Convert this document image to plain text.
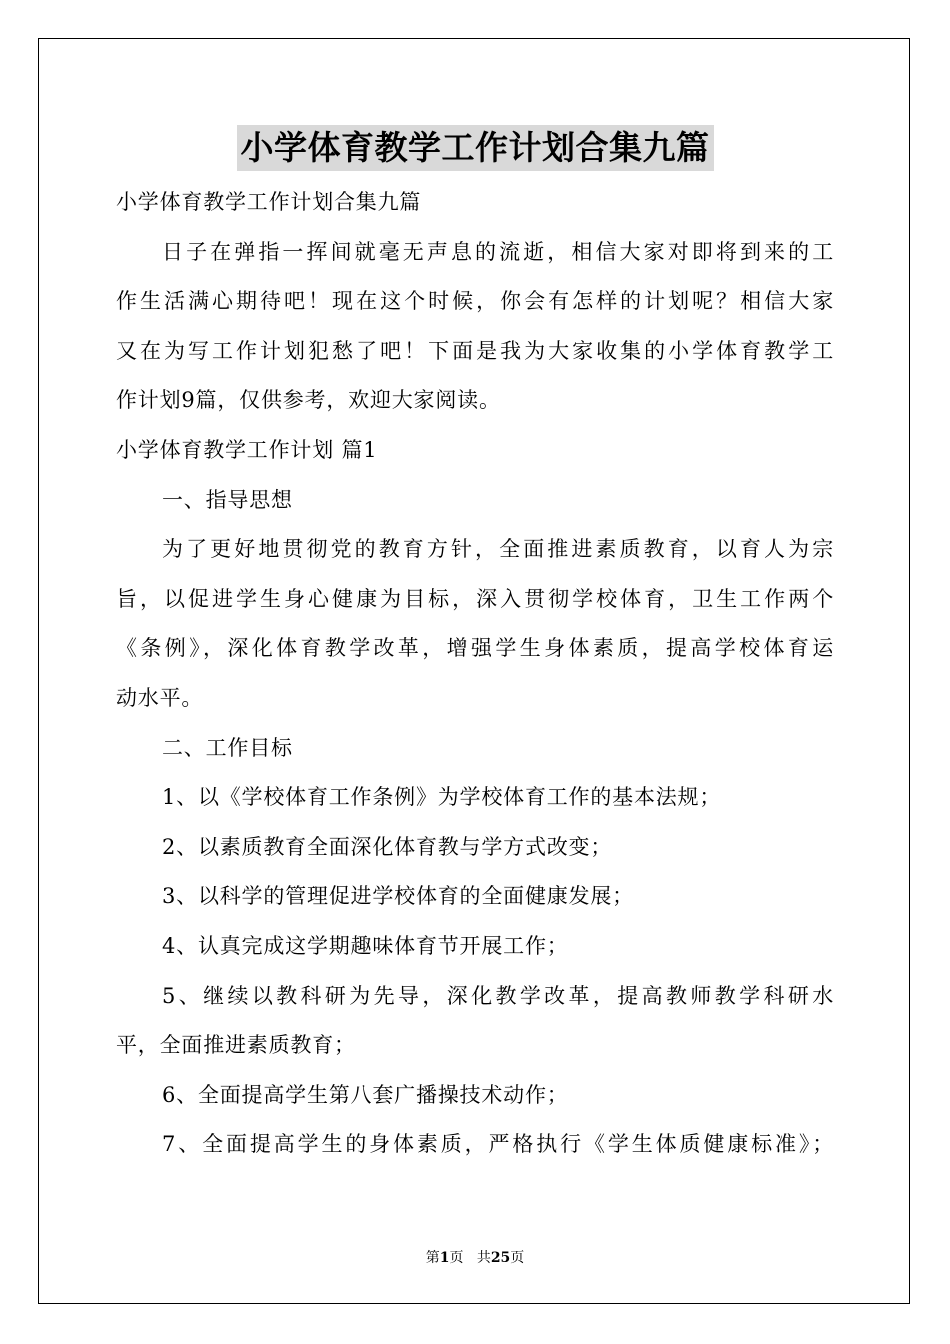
小学体育教学工作计划合集九篇
小学体育教学工作计划合集九篇
日子在弹指一挥间就毫无声息的流逝，相信大家对即将到来的工
作生活满心期待吧！现在这个时候，你会有怎样的计划呢？相信大家
又在为写工作计划犯愁了吧！下面是我为大家收集的小学体育教学工
作计划9篇，仅供参考，欢迎大家阅读。
小学体育教学工作计划 篇1
一、指导思想
为了更好地贯彻党的教育方针，全面推进素质教育，以育人为宗
旨，以促进学生身心健康为目标，深入贯彻学校体育，卫生工作两个
《条例》，深化体育教学改革，增强学生身体素质，提高学校体育运
动水平。
二、工作目标
1、以《学校体育工作条例》为学校体育工作的基本法规；
2、以素质教育全面深化体育教与学方式改变；
3、以科学的管理促进学校体育的全面健康发展；
4、认真完成这学期趣味体育节开展工作；
5、继续以教科研为先导，深化教学改革，提高教师教学科研水
平，全面推进素质教育；
6、全面提高学生第八套广播操技术动作；
7、全面提高学生的身体素质，严格执行《学生体质健康标准》；
第1页 共25页
